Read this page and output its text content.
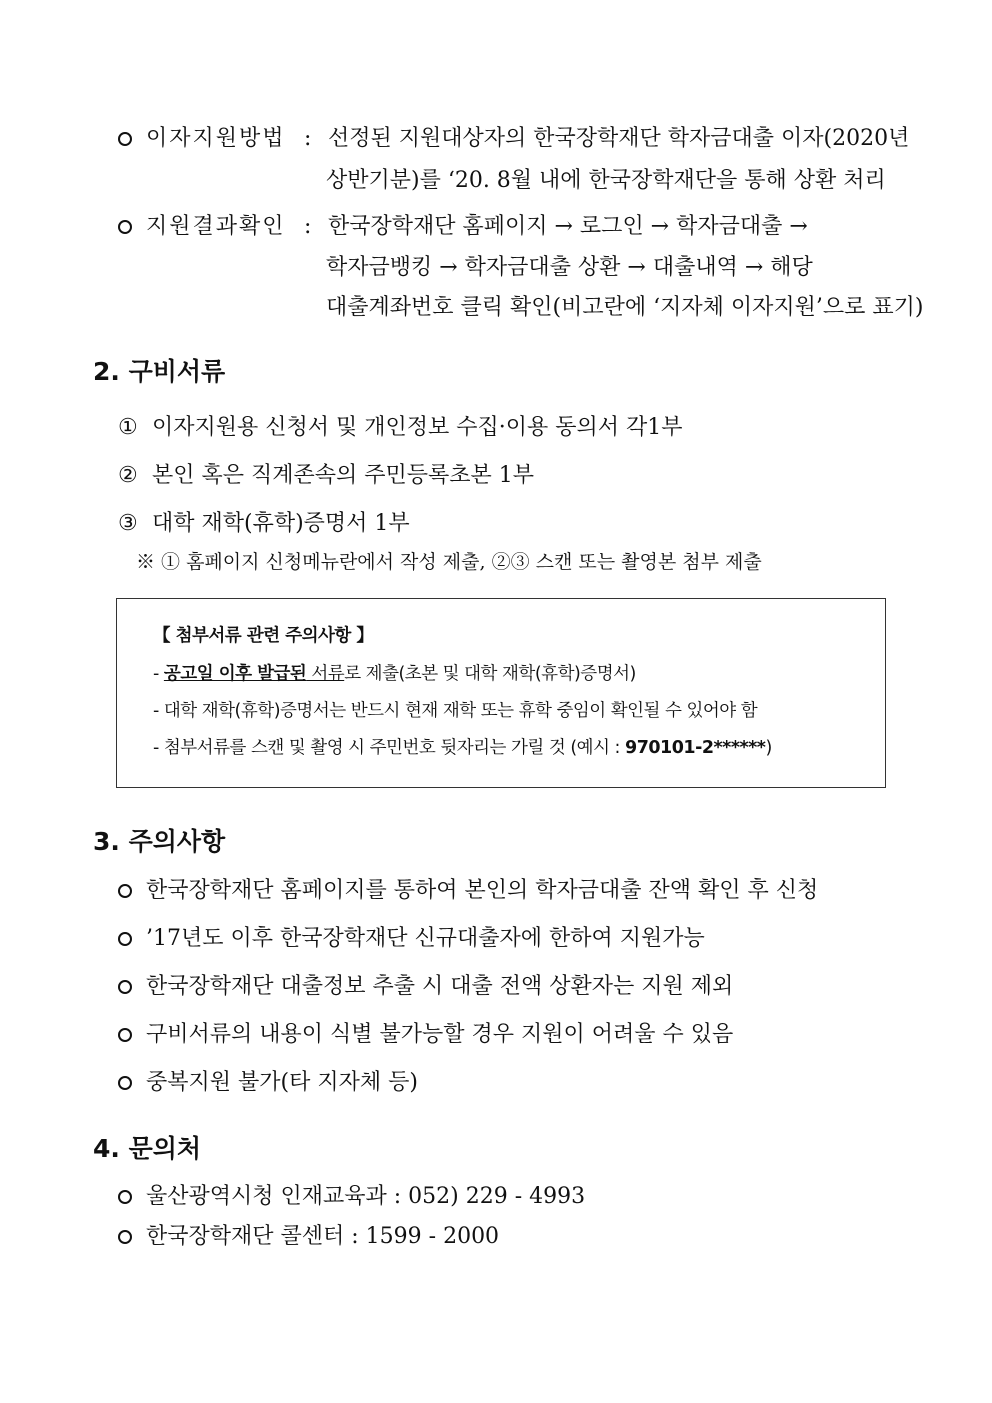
이자지원방법 : 선정된 지원대상자의 한국장학재단 학자금대출 이자(2020년
상반기분)를 ‘20. 8월 내에 한국장학재단을 통해 상환 처리
지원결과확인 : 한국장학재단 홈페이지 → 로그인 → 학자금대출 →
학자금뱅킹 → 학자금대출 상환 → 대출내역 → 해당
대출계좌번호 클릭 확인(비고란에 ‘지자체 이자지원’으로 표기)
2. 구비서류
① 이자지원용 신청서 및 개인정보 수집·이용 동의서 각1부
② 본인 혹은 직계존속의 주민등록초본 1부
③ 대학 재학(휴학)증명서 1부
※ ① 홈페이지 신청메뉴란에서 작성 제출, ②③ 스캔 또는 촬영본 첨부 제출
【 첨부서류 관련 주의사항 】
- 공고일 이후 발급된 서류로 제출(초본 및 대학 재학(휴학)증명서)
- 대학 재학(휴학)증명서는 반드시 현재 재학 또는 휴학 중임이 확인될 수 있어야 함
- 첨부서류를 스캔 및 촬영 시 주민번호 뒷자리는 가릴 것 (예시 : 970101-2******)
3. 주의사항
한국장학재단 홈페이지를 통하여 본인의 학자금대출 잔액 확인 후 신청
’17년도 이후 한국장학재단 신규대출자에 한하여 지원가능
한국장학재단 대출정보 추출 시 대출 전액 상환자는 지원 제외
구비서류의 내용이 식별 불가능할 경우 지원이 어려울 수 있음
중복지원 불가(타 지자체 등)
4. 문의처
울산광역시청 인재교육과 : 052) 229 - 4993
한국장학재단 콜센터 : 1599 - 2000
